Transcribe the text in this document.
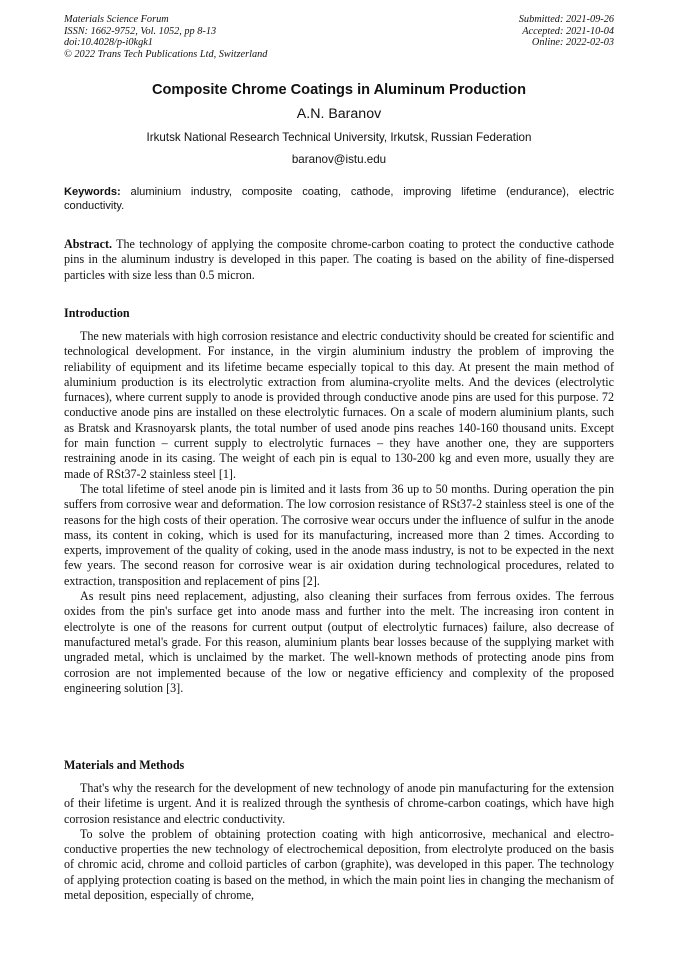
Materials Science Forum
ISSN: 1662-9752, Vol. 1052, pp 8-13
doi:10.4028/p-i0kgk1
© 2022 Trans Tech Publications Ltd, Switzerland
Submitted: 2021-09-26
Accepted: 2021-10-04
Online: 2022-02-03
Composite Chrome Coatings in Aluminum Production
A.N. Baranov
Irkutsk National Research Technical University, Irkutsk, Russian Federation
baranov@istu.edu
Keywords: aluminium industry, composite coating, cathode, improving lifetime (endurance), electric conductivity.
Abstract. The technology of applying the composite chrome-carbon coating to protect the conductive cathode pins in the aluminum industry is developed in this paper. The coating is based on the ability of fine-dispersed particles with size less than 0.5 micron.
Introduction

The new materials with high corrosion resistance and electric conductivity should be created for scientific and technological development. For instance, in the virgin aluminium industry the problem of improving the reliability of equipment and its lifetime became especially topical to this day. At present the main method of aluminium production is its electrolytic extraction from alumina-cryolite melts. And the devices (electrolytic furnaces), where current supply to anode is provided through conductive anode pins are used for this purpose. 72 conductive anode pins are installed on these electrolytic furnaces. On a scale of modern aluminium plants, such as Bratsk and Krasnoyarsk plants, the total number of used anode pins reaches 140-160 thousand units. Except for main function – current supply to electrolytic furnaces – they have another one, they are supporters restraining anode in its casing. The weight of each pin is equal to 130-200 kg and even more, usually they are made of RSt37-2 stainless steel [1].

The total lifetime of steel anode pin is limited and it lasts from 36 up to 50 months. During operation the pin suffers from corrosive wear and deformation. The low corrosion resistance of RSt37-2 stainless steel is one of the reasons for the high costs of their operation. The corrosive wear occurs under the influence of sulfur in the anode mass, its content in coking, which is used for its manufacturing, increased more than 2 times. According to experts, improvement of the quality of coking, used in the anode mass industry, is not to be expected in the next few years. The second reason for corrosive wear is air oxidation during technological procedures, related to extraction, transposition and replacement of pins [2].

As result pins need replacement, adjusting, also cleaning their surfaces from ferrous oxides. The ferrous oxides from the pin's surface get into anode mass and further into the melt. The increasing iron content in electrolyte is one of the reasons for current output (output of electrolytic furnaces) failure, also decrease of manufactured metal's grade. For this reason, aluminium plants bear losses because of the supplying market with ungraded metal, which is unclaimed by the market. The well-known methods of protecting anode pins from corrosion are not implemented because of the low or negative efficiency and complexity of the proposed engineering solution [3].

Materials and Methods

That's why the research for the development of new technology of anode pin manufacturing for the extension of their lifetime is urgent. And it is realized through the synthesis of chrome-carbon coatings, which have high corrosion resistance and electric conductivity.

To solve the problem of obtaining protection coating with high anticorrosive, mechanical and electro-conductive properties the new technology of electrochemical deposition, from electrolyte produced on the basis of chromic acid, chrome and colloid particles of carbon (graphite), was developed in this paper. The technology of applying protection coating is based on the method, in which the main point lies in changing the mechanism of metal deposition, especially of chrome,
